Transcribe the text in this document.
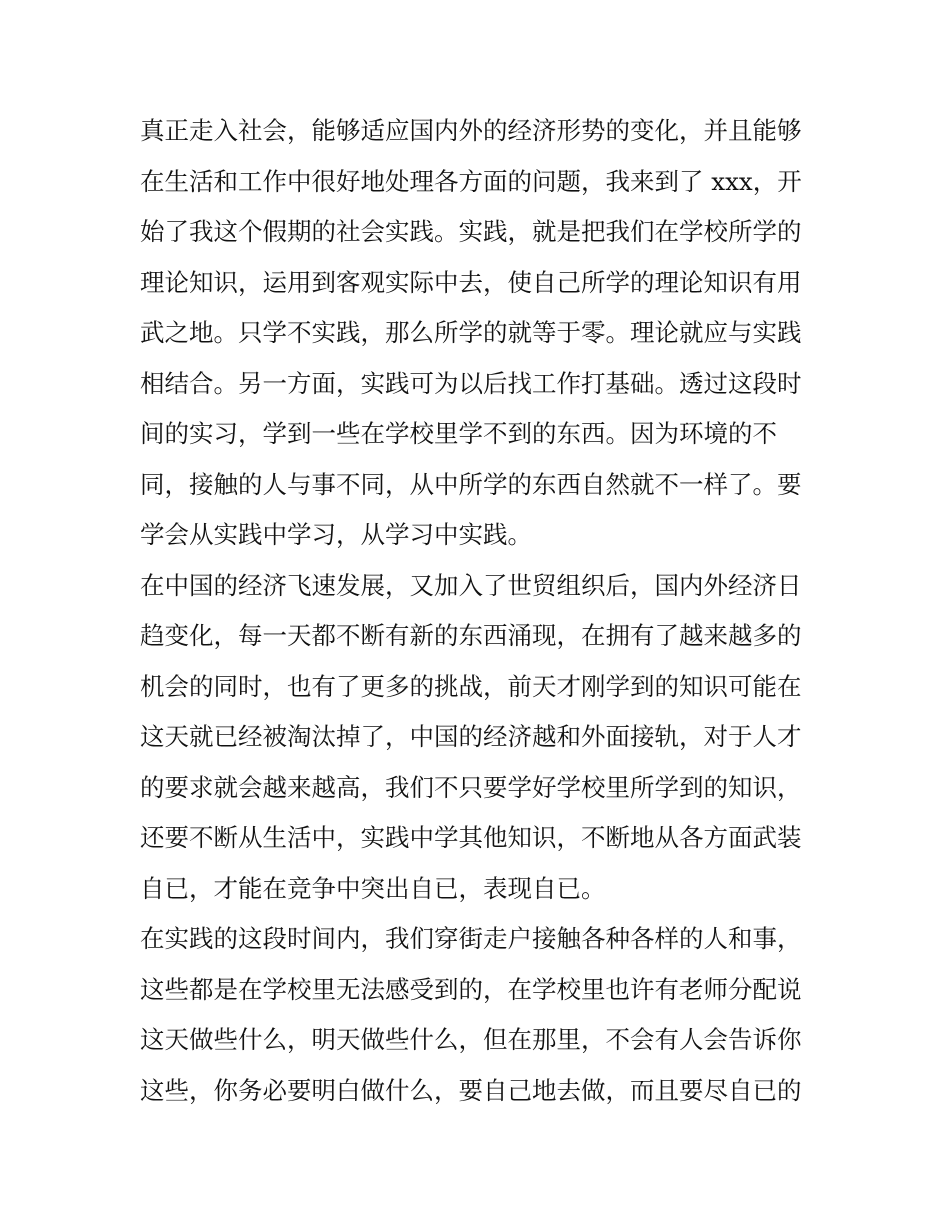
真正走入社会，能够适应国内外的经济形势的变化，并且能够
在生活和工作中很好地处理各方面的问题，我来到了 xxx，开
始了我这个假期的社会实践。实践，就是把我们在学校所学的
理论知识，运用到客观实际中去，使自己所学的理论知识有用
武之地。只学不实践，那么所学的就等于零。理论就应与实践
相结合。另一方面，实践可为以后找工作打基础。透过这段时
间的实习，学到一些在学校里学不到的东西。因为环境的不
同，接触的人与事不同，从中所学的东西自然就不一样了。要
学会从实践中学习，从学习中实践。
在中国的经济飞速发展，又加入了世贸组织后，国内外经济日
趋变化，每一天都不断有新的东西涌现，在拥有了越来越多的
机会的同时，也有了更多的挑战，前天才刚学到的知识可能在
这天就已经被淘汰掉了，中国的经济越和外面接轨，对于人才
的要求就会越来越高，我们不只要学好学校里所学到的知识，
还要不断从生活中，实践中学其他知识，不断地从各方面武装
自已，才能在竞争中突出自已，表现自已。
在实践的这段时间内，我们穿街走户接触各种各样的人和事，
这些都是在学校里无法感受到的，在学校里也许有老师分配说
这天做些什么，明天做些什么，但在那里，不会有人会告诉你
这些，你务必要明白做什么，要自己地去做，而且要尽自已的
